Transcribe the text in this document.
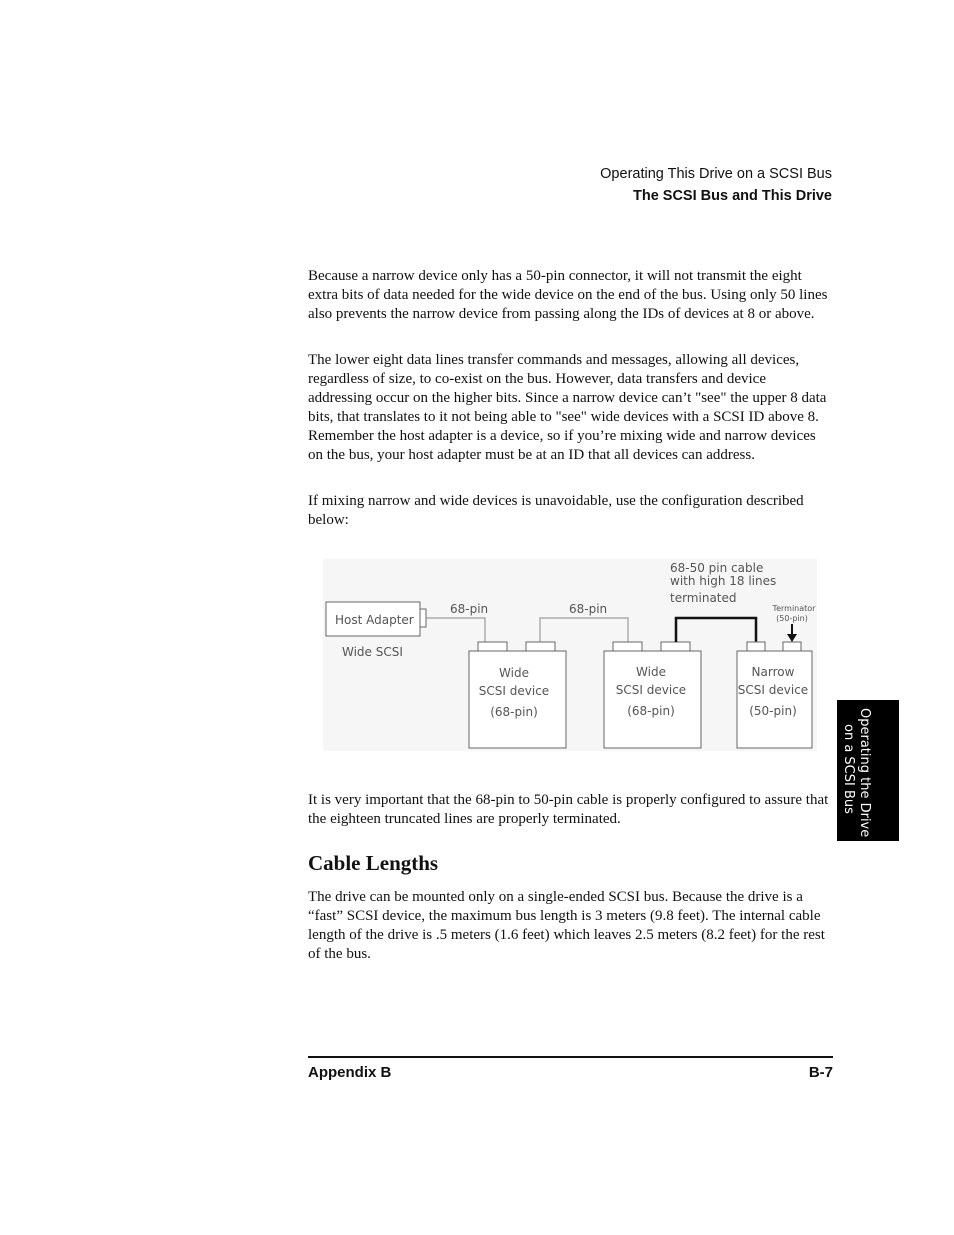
Operating This Drive on a SCSI Bus
The SCSI Bus and This Drive

Because a narrow device only has a 50-pin connector, it will not transmit the eight extra bits of data needed for the wide device on the end of the bus. Using only 50 lines also prevents the narrow device from passing along the IDs of devices at 8 or above.

The lower eight data lines transfer commands and messages, allowing all devices, regardless of size, to co-exist on the bus. However, data transfers and device addressing occur on the higher bits. Since a narrow device can’t "see" the upper 8 data bits, that translates to it not being able to "see" wide devices with a SCSI ID above 8. Remember the host adapter is a device, so if you’re mixing wide and narrow devices on the bus, your host adapter must be at an ID that all devices can address.

If mixing narrow and wide devices is unavoidable, use the configuration described below:

Host Adapter
Wide SCSI
68-pin
Wide
SCSI device
(68-pin)
68-pin
Wide
SCSI device
(68-pin)
68-50 pin cable
with high 18 lines
terminated
Narrow
SCSI device
(50-pin)
Terminator
(50-pin)

It is very important that the 68-pin to 50-pin cable is properly configured to assure that the eighteen truncated lines are properly terminated.

Cable Lengths

The drive can be mounted only on a single-ended SCSI bus. Because the drive is a “fast” SCSI device, the maximum bus length is 3 meters (9.8 feet). The internal cable length of the drive is .5 meters (1.6 feet) which leaves 2.5 meters (8.2 feet) for the rest of the bus.

Operating the Drive
on a SCSI Bus
Appendix B	B-7
